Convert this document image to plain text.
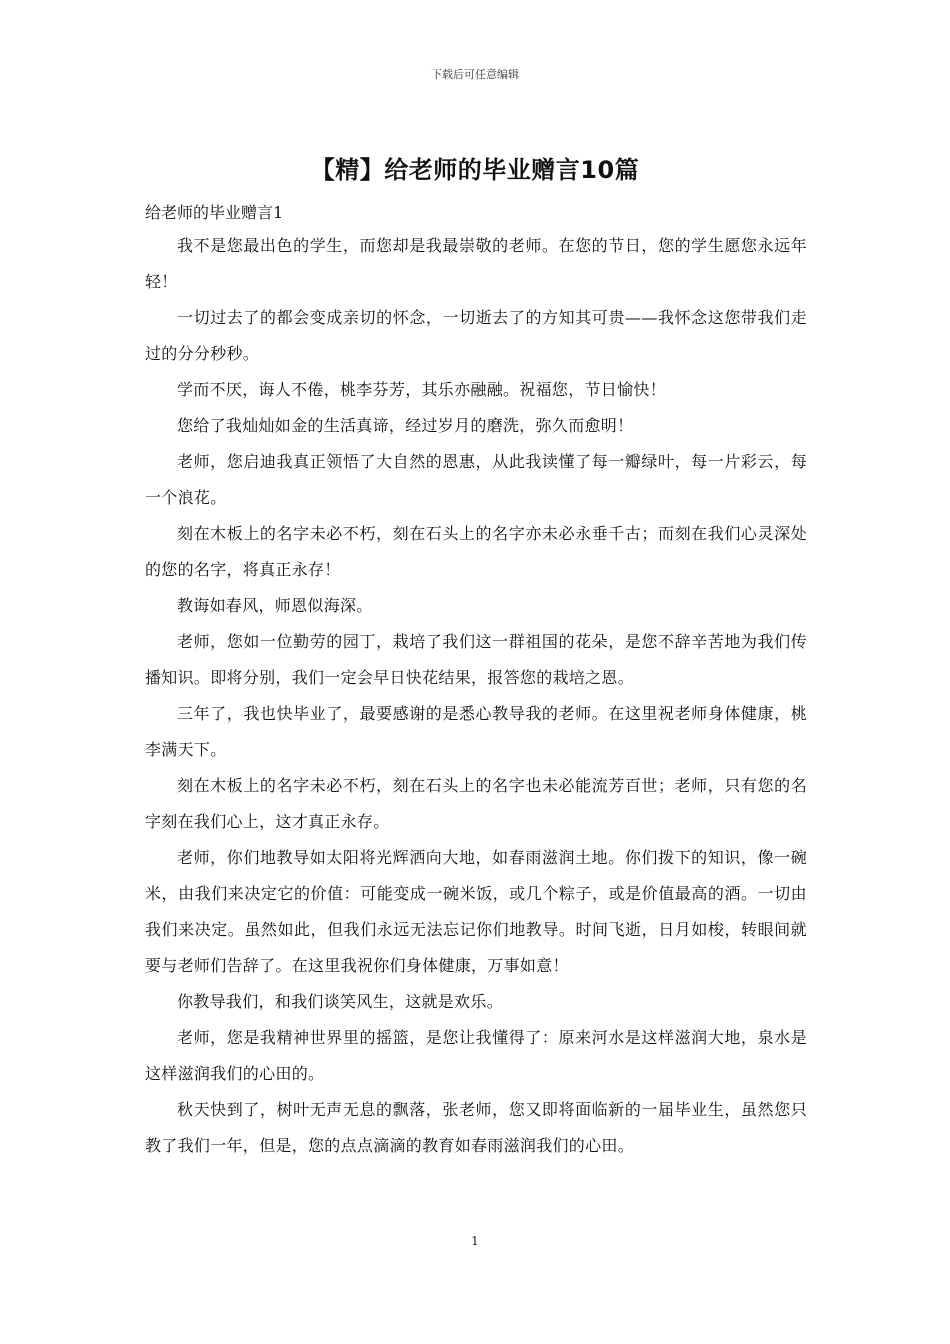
下载后可任意编辑
【精】给老师的毕业赠言10篇

给老师的毕业赠言1

我不是您最出色的学生，而您却是我最崇敬的老师。在您的节日，您的学生愿您永远年轻！

一切过去了的都会变成亲切的怀念，一切逝去了的方知其可贵——我怀念这您带我们走过的分分秒秒。

学而不厌，诲人不倦，桃李芬芳，其乐亦融融。祝福您，节日愉快！

您给了我灿灿如金的生活真谛，经过岁月的磨洗，弥久而愈明！

老师，您启迪我真正领悟了大自然的恩惠，从此我读懂了每一瓣绿叶，每一片彩云，每一个浪花。

刻在木板上的名字未必不朽，刻在石头上的名字亦未必永垂千古；而刻在我们心灵深处的您的名字，将真正永存！

教诲如春风，师恩似海深。

老师，您如一位勤劳的园丁，栽培了我们这一群祖国的花朵，是您不辞辛苦地为我们传播知识。即将分别，我们一定会早日快花结果，报答您的栽培之恩。

三年了，我也快毕业了，最要感谢的是悉心教导我的老师。在这里祝老师身体健康，桃李满天下。

刻在木板上的名字未必不朽，刻在石头上的名字也未必能流芳百世；老师，只有您的名字刻在我们心上，这才真正永存。

老师，你们地教导如太阳将光辉洒向大地，如春雨滋润土地。你们拨下的知识，像一碗米，由我们来决定它的价值：可能变成一碗米饭，或几个粽子，或是价值最高的酒。一切由我们来决定。虽然如此，但我们永远无法忘记你们地教导。时间飞逝，日月如梭，转眼间就要与老师们告辞了。在这里我祝你们身体健康，万事如意！

你教导我们，和我们谈笑风生，这就是欢乐。

老师，您是我精神世界里的摇篮，是您让我懂得了：原来河水是这样滋润大地，泉水是这样滋润我们的心田的。

秋天快到了，树叶无声无息的飘落，张老师，您又即将面临新的一届毕业生，虽然您只教了我们一年，但是，您的点点滴滴的教育如春雨滋润我们的心田。

1
